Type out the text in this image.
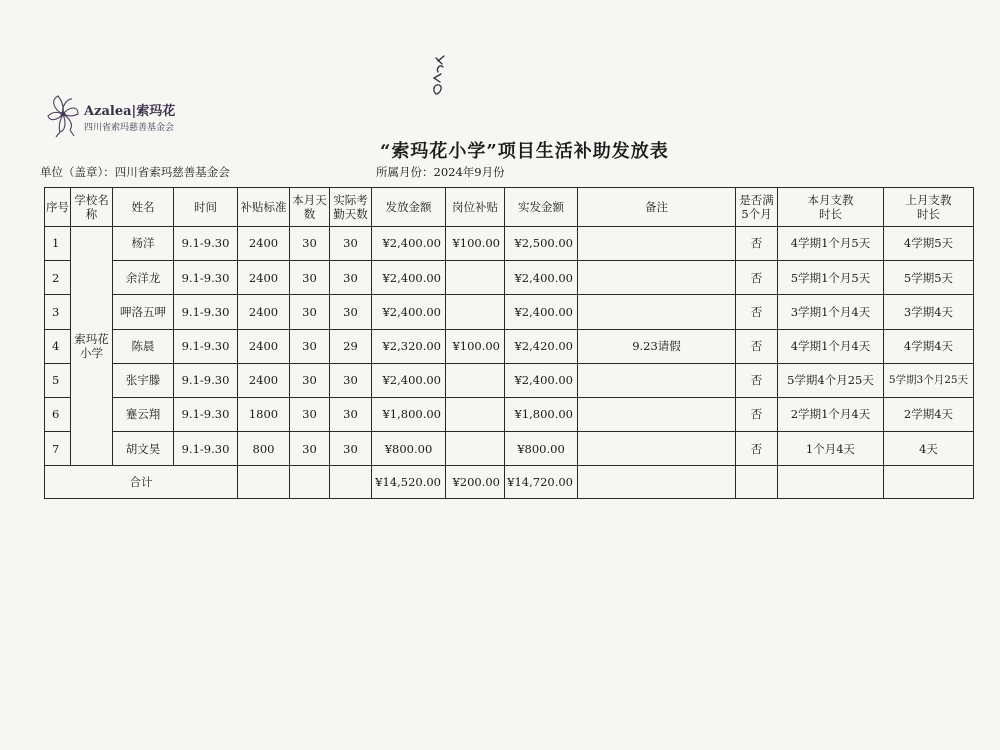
Azalea|索玛花
四川省索玛慈善基金会
“索玛花小学”项目生活补助发放表
单位（盖章）：四川省索玛慈善基金会	所属月份：2024年9月份
序号	学校名称	姓名	时间	补贴标准	本月天数	实际考勤天数	发放金额	岗位补贴	实发金额	备注	是否满5个月	本月支教时长	上月支教时长
1	索玛花小学	杨洋	9.1-9.30	2400	30	30	¥2,400.00	¥100.00	¥2,500.00		否	4学期1个月5天	4学期5天
2		余洋龙	9.1-9.30	2400	30	30	¥2,400.00		¥2,400.00		否	5学期1个月5天	5学期5天
3		呷洛五呷	9.1-9.30	2400	30	30	¥2,400.00		¥2,400.00		否	3学期1个月4天	3学期4天
4		陈晨	9.1-9.30	2400	30	29	¥2,320.00	¥100.00	¥2,420.00	9.23请假	否	4学期1个月4天	4学期4天
5		张宇滕	9.1-9.30	2400	30	30	¥2,400.00		¥2,400.00		否	5学期4个月25天	5学期3个月25天
6		蹇云翔	9.1-9.30	1800	30	30	¥1,800.00		¥1,800.00		否	2学期1个月4天	2学期4天
7		胡文昊	9.1-9.30	800	30	30	¥800.00		¥800.00		否	1个月4天	4天
合计							¥14,520.00	¥200.00	¥14,720.00				
